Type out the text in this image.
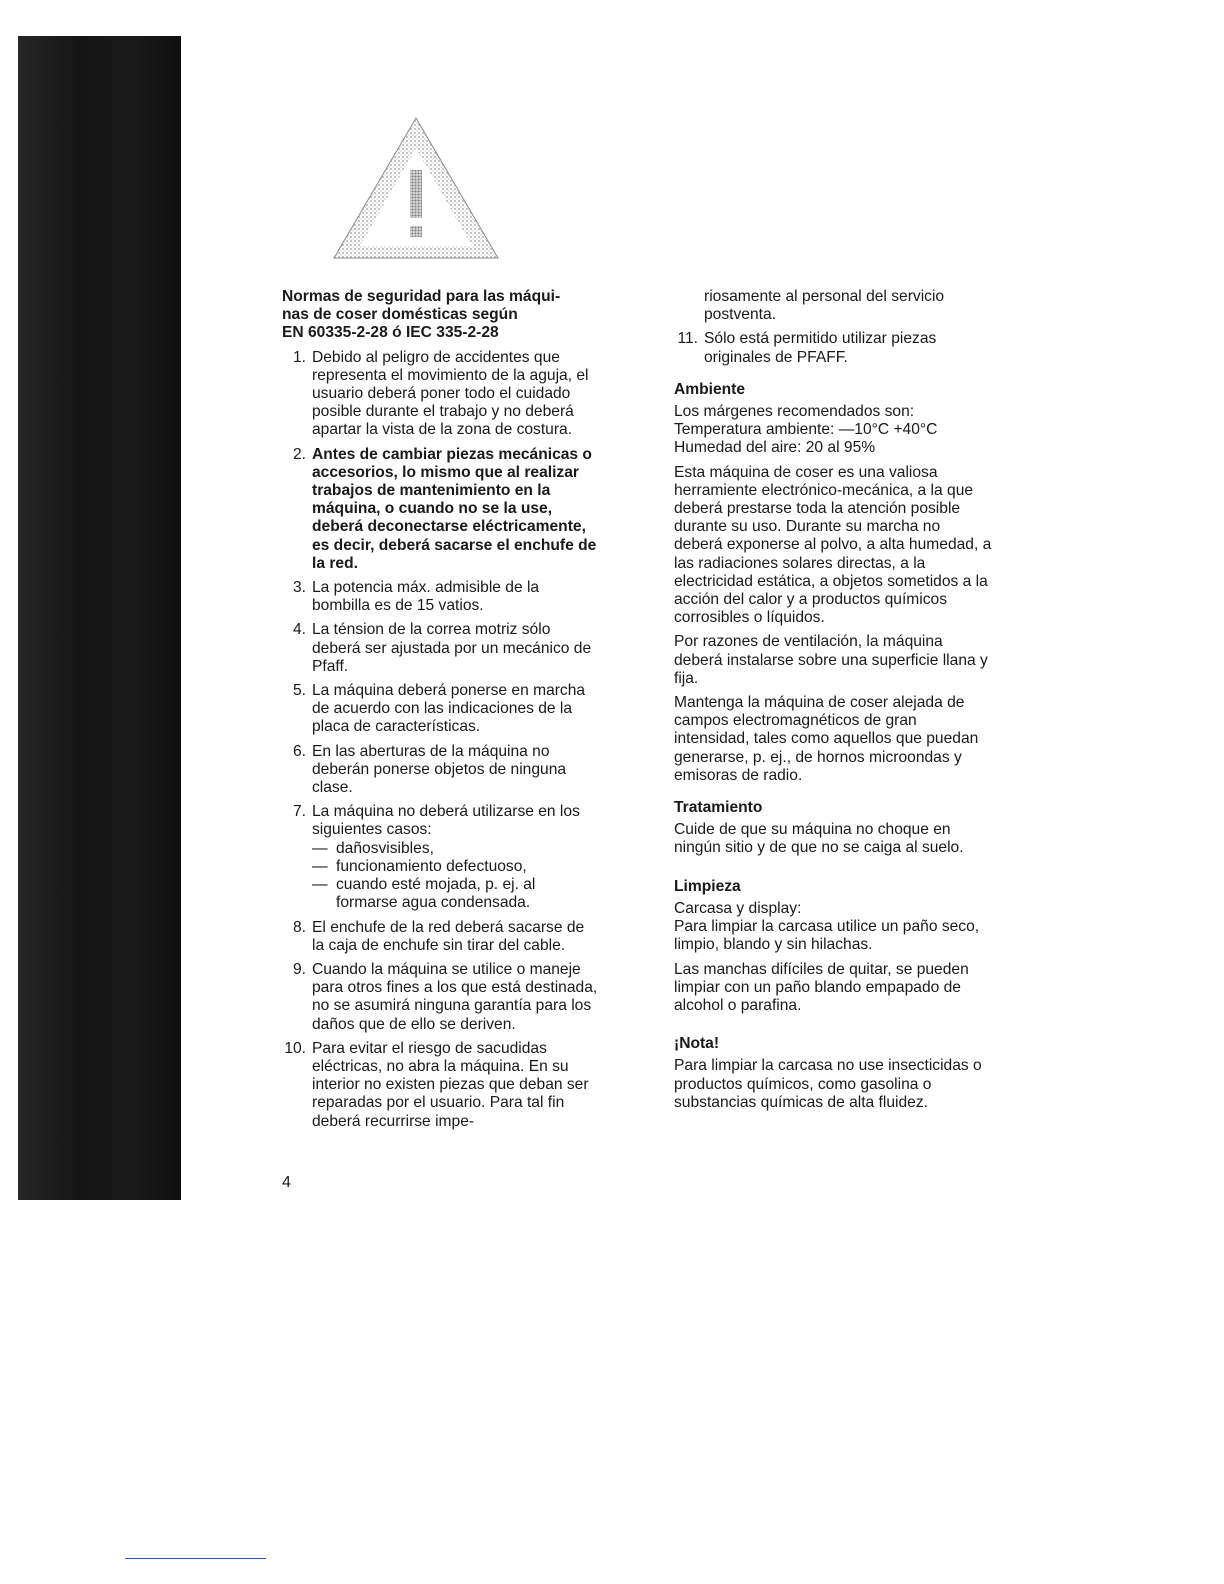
Normas de seguridad para las máqui-
nas de coser domésticas según
EN 60335-2-28 ó IEC 335-2-28
1. Debido al peligro de accidentes que representa el movimiento de la aguja, el usuario deberá poner todo el cuidado posible durante el trabajo y no deberá apartar la vista de la zona de costura.
2. Antes de cambiar piezas mecánicas o accesorios, lo mismo que al realizar trabajos de mantenimiento en la máquina, o cuando no se la use, deberá deconectarse eléctricamente, es decir, deberá sacarse el enchufe de la red.
3. La potencia máx. admisible de la bombilla es de 15 vatios.
4. La ténsion de la correa motriz sólo deberá ser ajustada por un mecánico de Pfaff.
5. La máquina deberá ponerse en marcha de acuerdo con las indicaciones de la placa de características.
6. En las aberturas de la máquina no deberán ponerse objetos de ninguna clase.
7. La máquina no deberá utilizarse en los siguientes casos:
— dañosvisibles,
— funcionamiento defectuoso,
— cuando esté mojada, p. ej. al formarse agua condensada.
8. El enchufe de la red deberá sacarse de la caja de enchufe sin tirar del cable.
9. Cuando la máquina se utilice o maneje para otros fines a los que está destinada, no se asumirá ninguna garantía para los daños que de ello se deriven.
10. Para evitar el riesgo de sacudidas eléctricas, no abra la máquina. En su interior no existen piezas que deban ser reparadas por el usuario. Para tal fin deberá recurrirse impe-
riosamente al personal del servicio postventa.
11. Sólo está permitido utilizar piezas originales de PFAFF.
Ambiente

Los márgenes recomendados son:
Temperatura ambiente: —10°C +40°C
Humedad del aire: 20 al 95%

Esta máquina de coser es una valiosa herramiente electrónico-mecánica, a la que deberá prestarse toda la atención posible durante su uso. Durante su marcha no deberá exponerse al polvo, a alta humedad, a las radiaciones solares directas, a la electricidad estática, a objetos sometidos a la acción del calor y a productos químicos corrosibles o líquidos.

Por razones de ventilación, la máquina deberá instalarse sobre una superficie llana y fija.

Mantenga la máquina de coser alejada de campos electromagnéticos de gran intensidad, tales como aquellos que puedan generarse, p. ej., de hornos microondas y emisoras de radio.

Tratamiento

Cuide de que su máquina no choque en ningún sitio y de que no se caiga al suelo.

Limpieza

Carcasa y display:
Para limpiar la carcasa utilice un paño seco, limpio, blando y sin hilachas.

Las manchas difíciles de quitar, se pueden limpiar con un paño blando empapado de alcohol o parafina.

¡Nota!

Para limpiar la carcasa no use insecticidas o productos químicos, como gasolina o substancias químicas de alta fluidez.

4
